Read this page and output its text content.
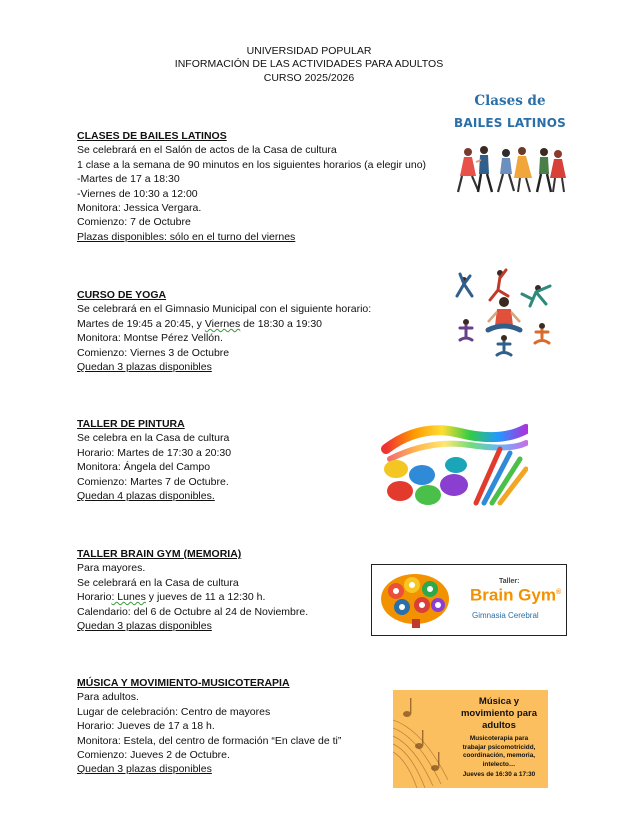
UNIVERSIDAD POPULAR
INFORMACIÓN DE LAS ACTIVIDADES PARA ADULTOS
CURSO 2025/2026
CLASES DE BAILES LATINOS
Se celebrará en el Salón de actos de la Casa de cultura
1 clase a la semana de 90 minutos en los siguientes horarios (a elegir uno)
-Martes de 17 a 18:30
-Viernes de 10:30 a 12:00
Monitora: Jessica Vergara.
Comienzo: 7 de Octubre
Plazas disponibles: sólo en el turno del viernes
Clases de
BAILES LATINOS
CURSO DE YOGA
Se celebrará en el Gimnasio Municipal con el siguiente horario:
Martes de 19:45 a 20:45, y Viernes de 18:30 a 19:30
Monitora: Montse Pérez Vellón.
Comienzo: Viernes 3 de Octubre
Quedan 3 plazas disponibles
TALLER DE PINTURA
Se celebra en la Casa de cultura
Horario: Martes de 17:30 a 20:30
Monitora: Ángela del Campo
Comienzo: Martes 7 de Octubre.
Quedan 4 plazas disponibles.
TALLER BRAIN GYM (MEMORIA)
Para mayores.
Se celebrará en la Casa de cultura
Horario: Lunes y jueves de 11 a 12:30 h.
Calendario: del 6 de Octubre al 24 de Noviembre.
Quedan 3 plazas disponibles
Taller:
Brain Gym®
Gimnasia Cerebral
MÚSICA Y MOVIMIENTO-MUSICOTERAPIA
Para adultos.
Lugar de celebración: Centro de mayores
Horario: Jueves de 17 a 18 h.
Monitora: Estela, del centro de formación “En clave de ti”
Comienzo: Jueves 2 de Octubre.
Quedan 3 plazas disponibles
Música y
movimiento para
adultos
Musicoterapia para
trabajar psicomotricidd,
coordinación, memoria,
intelecto…
Jueves de 16:30 a 17:30
